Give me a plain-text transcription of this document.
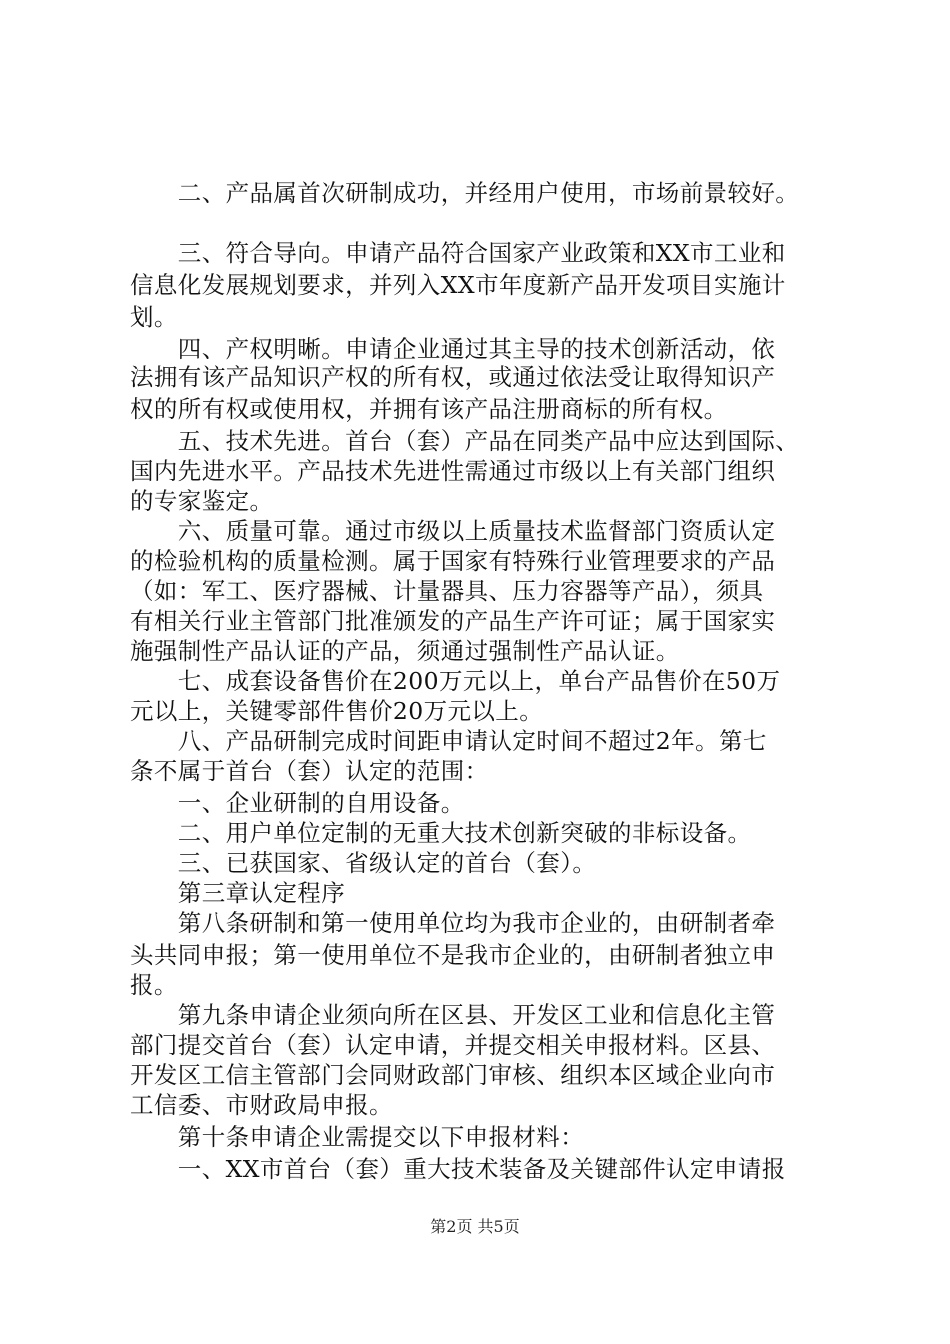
　　二、产品属首次研制成功，并经用户使用，市场前景较好。
　　三、符合导向。申请产品符合国家产业政策和XX市工业和
信息化发展规划要求，并列入XX市年度新产品开发项目实施计
划。
　　四、产权明晰。申请企业通过其主导的技术创新活动，依
法拥有该产品知识产权的所有权，或通过依法受让取得知识产
权的所有权或使用权，并拥有该产品注册商标的所有权。
　　五、技术先进。首台（套）产品在同类产品中应达到国际、
国内先进水平。产品技术先进性需通过市级以上有关部门组织
的专家鉴定。
　　六、质量可靠。通过市级以上质量技术监督部门资质认定
的检验机构的质量检测。属于国家有特殊行业管理要求的产品
（如：军工、医疗器械、计量器具、压力容器等产品），须具
有相关行业主管部门批准颁发的产品生产许可证；属于国家实
施强制性产品认证的产品，须通过强制性产品认证。
　　七、成套设备售价在200万元以上，单台产品售价在50万
元以上，关键零部件售价20万元以上。
　　八、产品研制完成时间距申请认定时间不超过2年。第七
条不属于首台（套）认定的范围：
　　一、企业研制的自用设备。
　　二、用户单位定制的无重大技术创新突破的非标设备。
　　三、已获国家、省级认定的首台（套）。
　　第三章认定程序
　　第八条研制和第一使用单位均为我市企业的，由研制者牵
头共同申报；第一使用单位不是我市企业的，由研制者独立申
报。
　　第九条申请企业须向所在区县、开发区工业和信息化主管
部门提交首台（套）认定申请，并提交相关申报材料。区县、
开发区工信主管部门会同财政部门审核、组织本区域企业向市
工信委、市财政局申报。
　　第十条申请企业需提交以下申报材料：
　　一、XX市首台（套）重大技术装备及关键部件认定申请报
第2页 共5页
